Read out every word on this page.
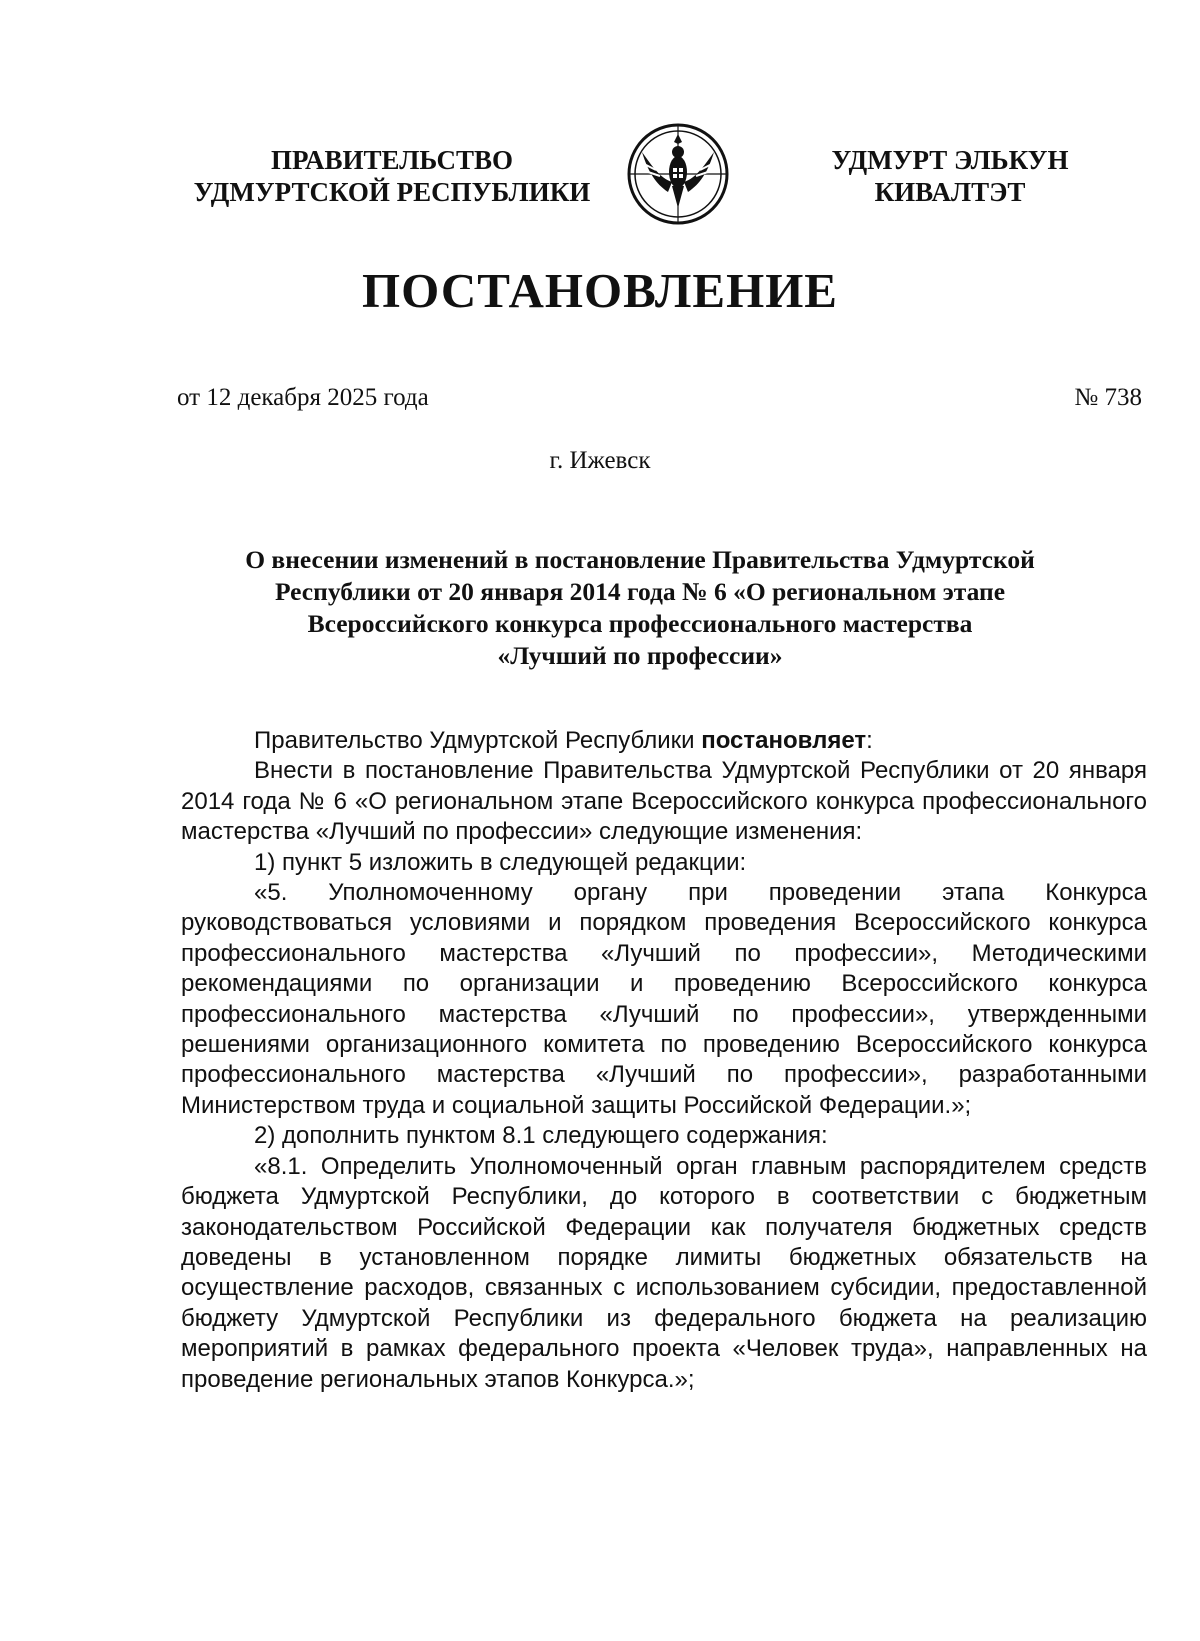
ПРАВИТЕЛЬСТВО
УДМУРТСКОЙ РЕСПУБЛИКИ
УДМУРТ ЭЛЬКУН
КИВАЛТЭТ
ПОСТАНОВЛЕНИЕ
от 12 декабря 2025 года	№ 738
г. Ижевск
О внесении изменений в постановление Правительства Удмуртской
Республики от 20 января 2014 года № 6 «О региональном этапе
Всероссийского конкурса профессионального мастерства
«Лучший по профессии»

Правительство Удмуртской Республики постановляет:

Внести в постановление Правительства Удмуртской Республики от 20 января 2014 года № 6 «О региональном этапе Всероссийского конкурса профессионального мастерства «Лучший по профессии» следующие изменения:

1) пункт 5 изложить в следующей редакции:

«5. Уполномоченному органу при проведении этапа Конкурса руководствоваться условиями и порядком проведения Всероссийского конкурса профессионального мастерства «Лучший по профессии», Методическими рекомендациями по организации и проведению Всероссийского конкурса профессионального мастерства «Лучший по профессии», утвержденными решениями организационного комитета по проведению Всероссийского конкурса профессионального мастерства «Лучший по профессии», разработанными Министерством труда и социальной защиты Российской Федерации.»;

2) дополнить пунктом 8.1 следующего содержания:

«8.1. Определить Уполномоченный орган главным распорядителем средств бюджета Удмуртской Республики, до которого в соответствии с бюджетным законодательством Российской Федерации как получателя бюджетных средств доведены в установленном порядке лимиты бюджетных обязательств на осуществление расходов, связанных с использованием субсидии, предоставленной бюджету Удмуртской Республики из федерального бюджета на реализацию мероприятий в рамках федерального проекта «Человек труда», направленных на проведение региональных этапов Конкурса.»;
